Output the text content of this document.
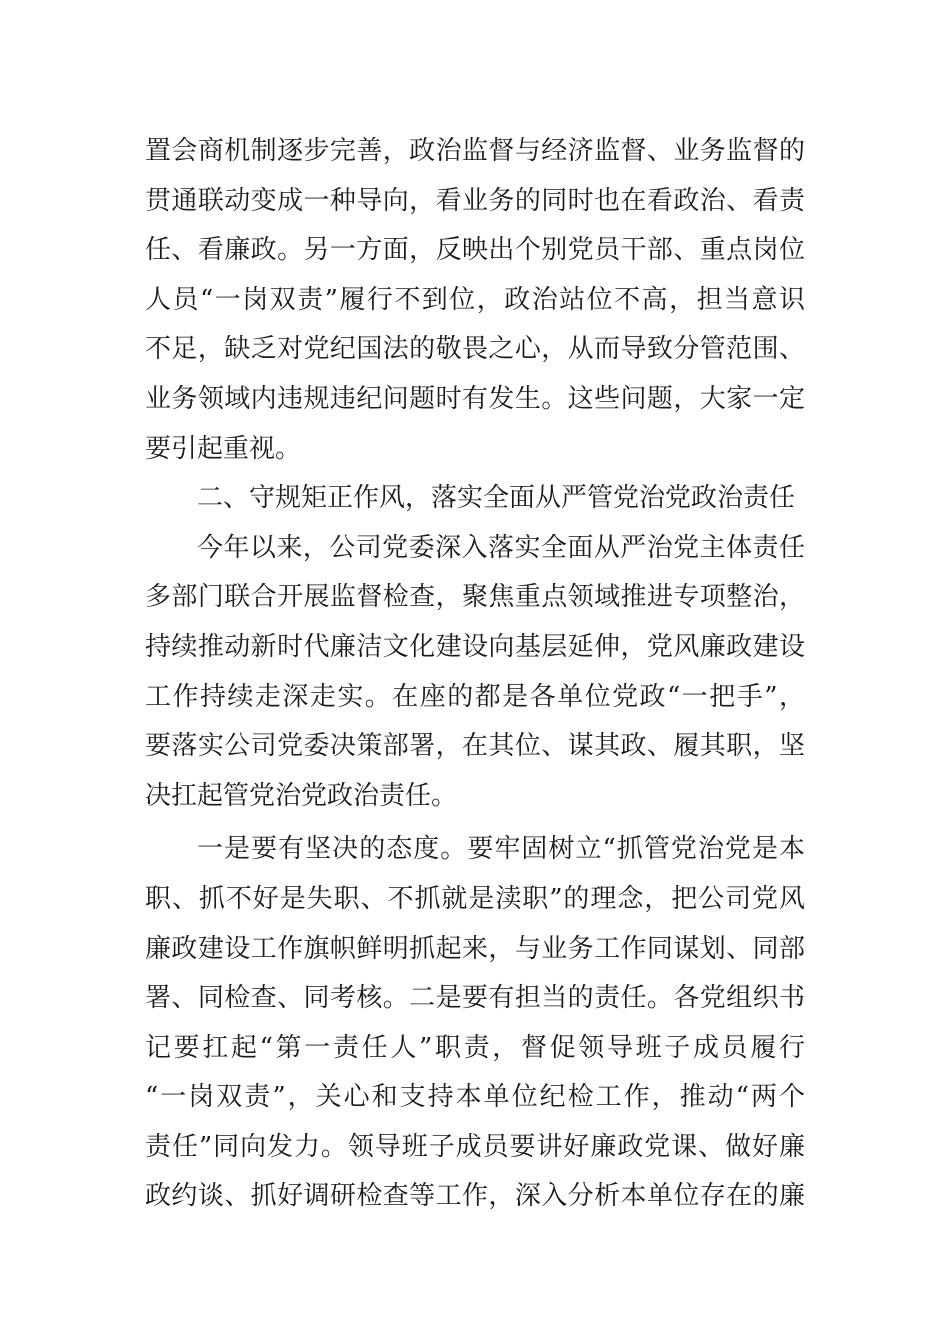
置会商机制逐步完善，政治监督与经济监督、业务监督的
贯通联动变成一种导向，看业务的同时也在看政治、看责
任、看廉政。另一方面，反映出个别党员干部、重点岗位
人员“一岗双责”履行不到位，政治站位不高，担当意识
不足，缺乏对党纪国法的敬畏之心，从而导致分管范围、
业务领域内违规违纪问题时有发生。这些问题，大家一定
要引起重视。
二、守规矩正作风，落实全面从严管党治党政治责任
今年以来，公司党委深入落实全面从严治党主体责任
多部门联合开展监督检查，聚焦重点领域推进专项整治，
持续推动新时代廉洁文化建设向基层延伸，党风廉政建设
工作持续走深走实。在座的都是各单位党政“一把手”，
要落实公司党委决策部署，在其位、谋其政、履其职，坚
决扛起管党治党政治责任。
一是要有坚决的态度。要牢固树立“抓管党治党是本
职、抓不好是失职、不抓就是渎职”的理念，把公司党风
廉政建设工作旗帜鲜明抓起来，与业务工作同谋划、同部
署、同检查、同考核。二是要有担当的责任。各党组织书
记要扛起“第一责任人”职责，督促领导班子成员履行
“一岗双责”，关心和支持本单位纪检工作，推动“两个
责任”同向发力。领导班子成员要讲好廉政党课、做好廉
政约谈、抓好调研检查等工作，深入分析本单位存在的廉
